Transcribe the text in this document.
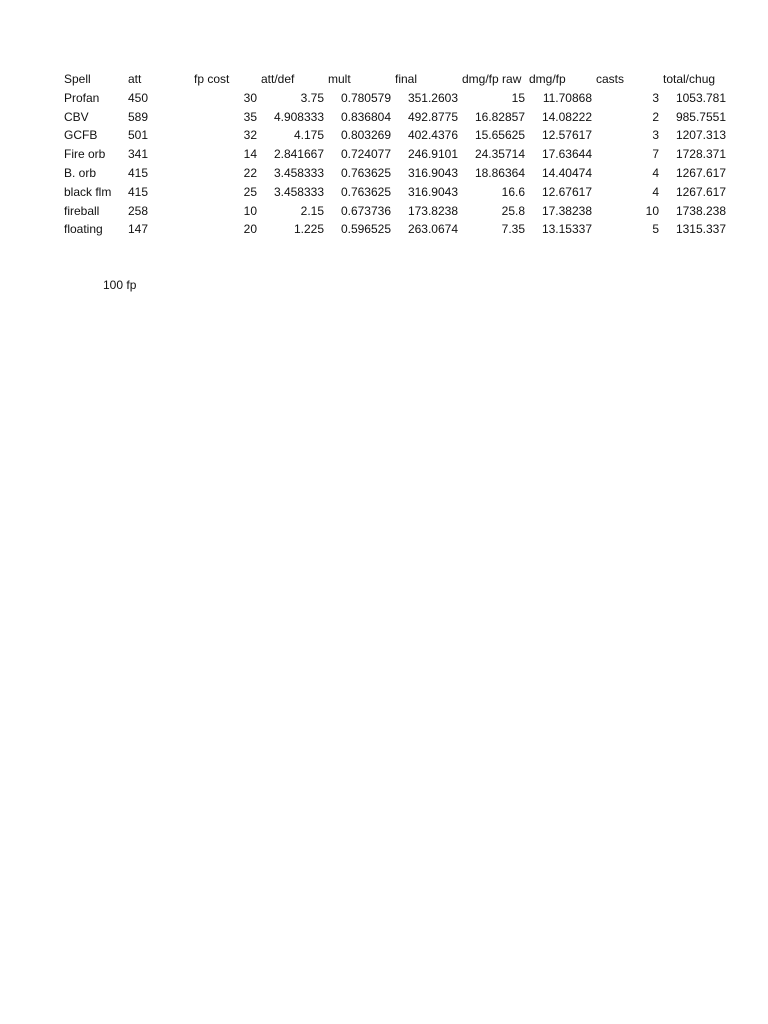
Spell	att	fp cost	att/def	mult	final	dmg/fp raw	dmg/fp	casts	total/chug
Profan	450	30	3.75	0.780579	351.2603	15	11.70868	3	1053.781
CBV	589	35	4.908333	0.836804	492.8775	16.82857	14.08222	2	985.7551
GCFB	501	32	4.175	0.803269	402.4376	15.65625	12.57617	3	1207.313
Fire orb	341	14	2.841667	0.724077	246.9101	24.35714	17.63644	7	1728.371
B. orb	415	22	3.458333	0.763625	316.9043	18.86364	14.40474	4	1267.617
black flm	415	25	3.458333	0.763625	316.9043	16.6	12.67617	4	1267.617
fireball	258	10	2.15	0.673736	173.8238	25.8	17.38238	10	1738.238
floating	147	20	1.225	0.596525	263.0674	7.35	13.15337	5	1315.337
100 fp
